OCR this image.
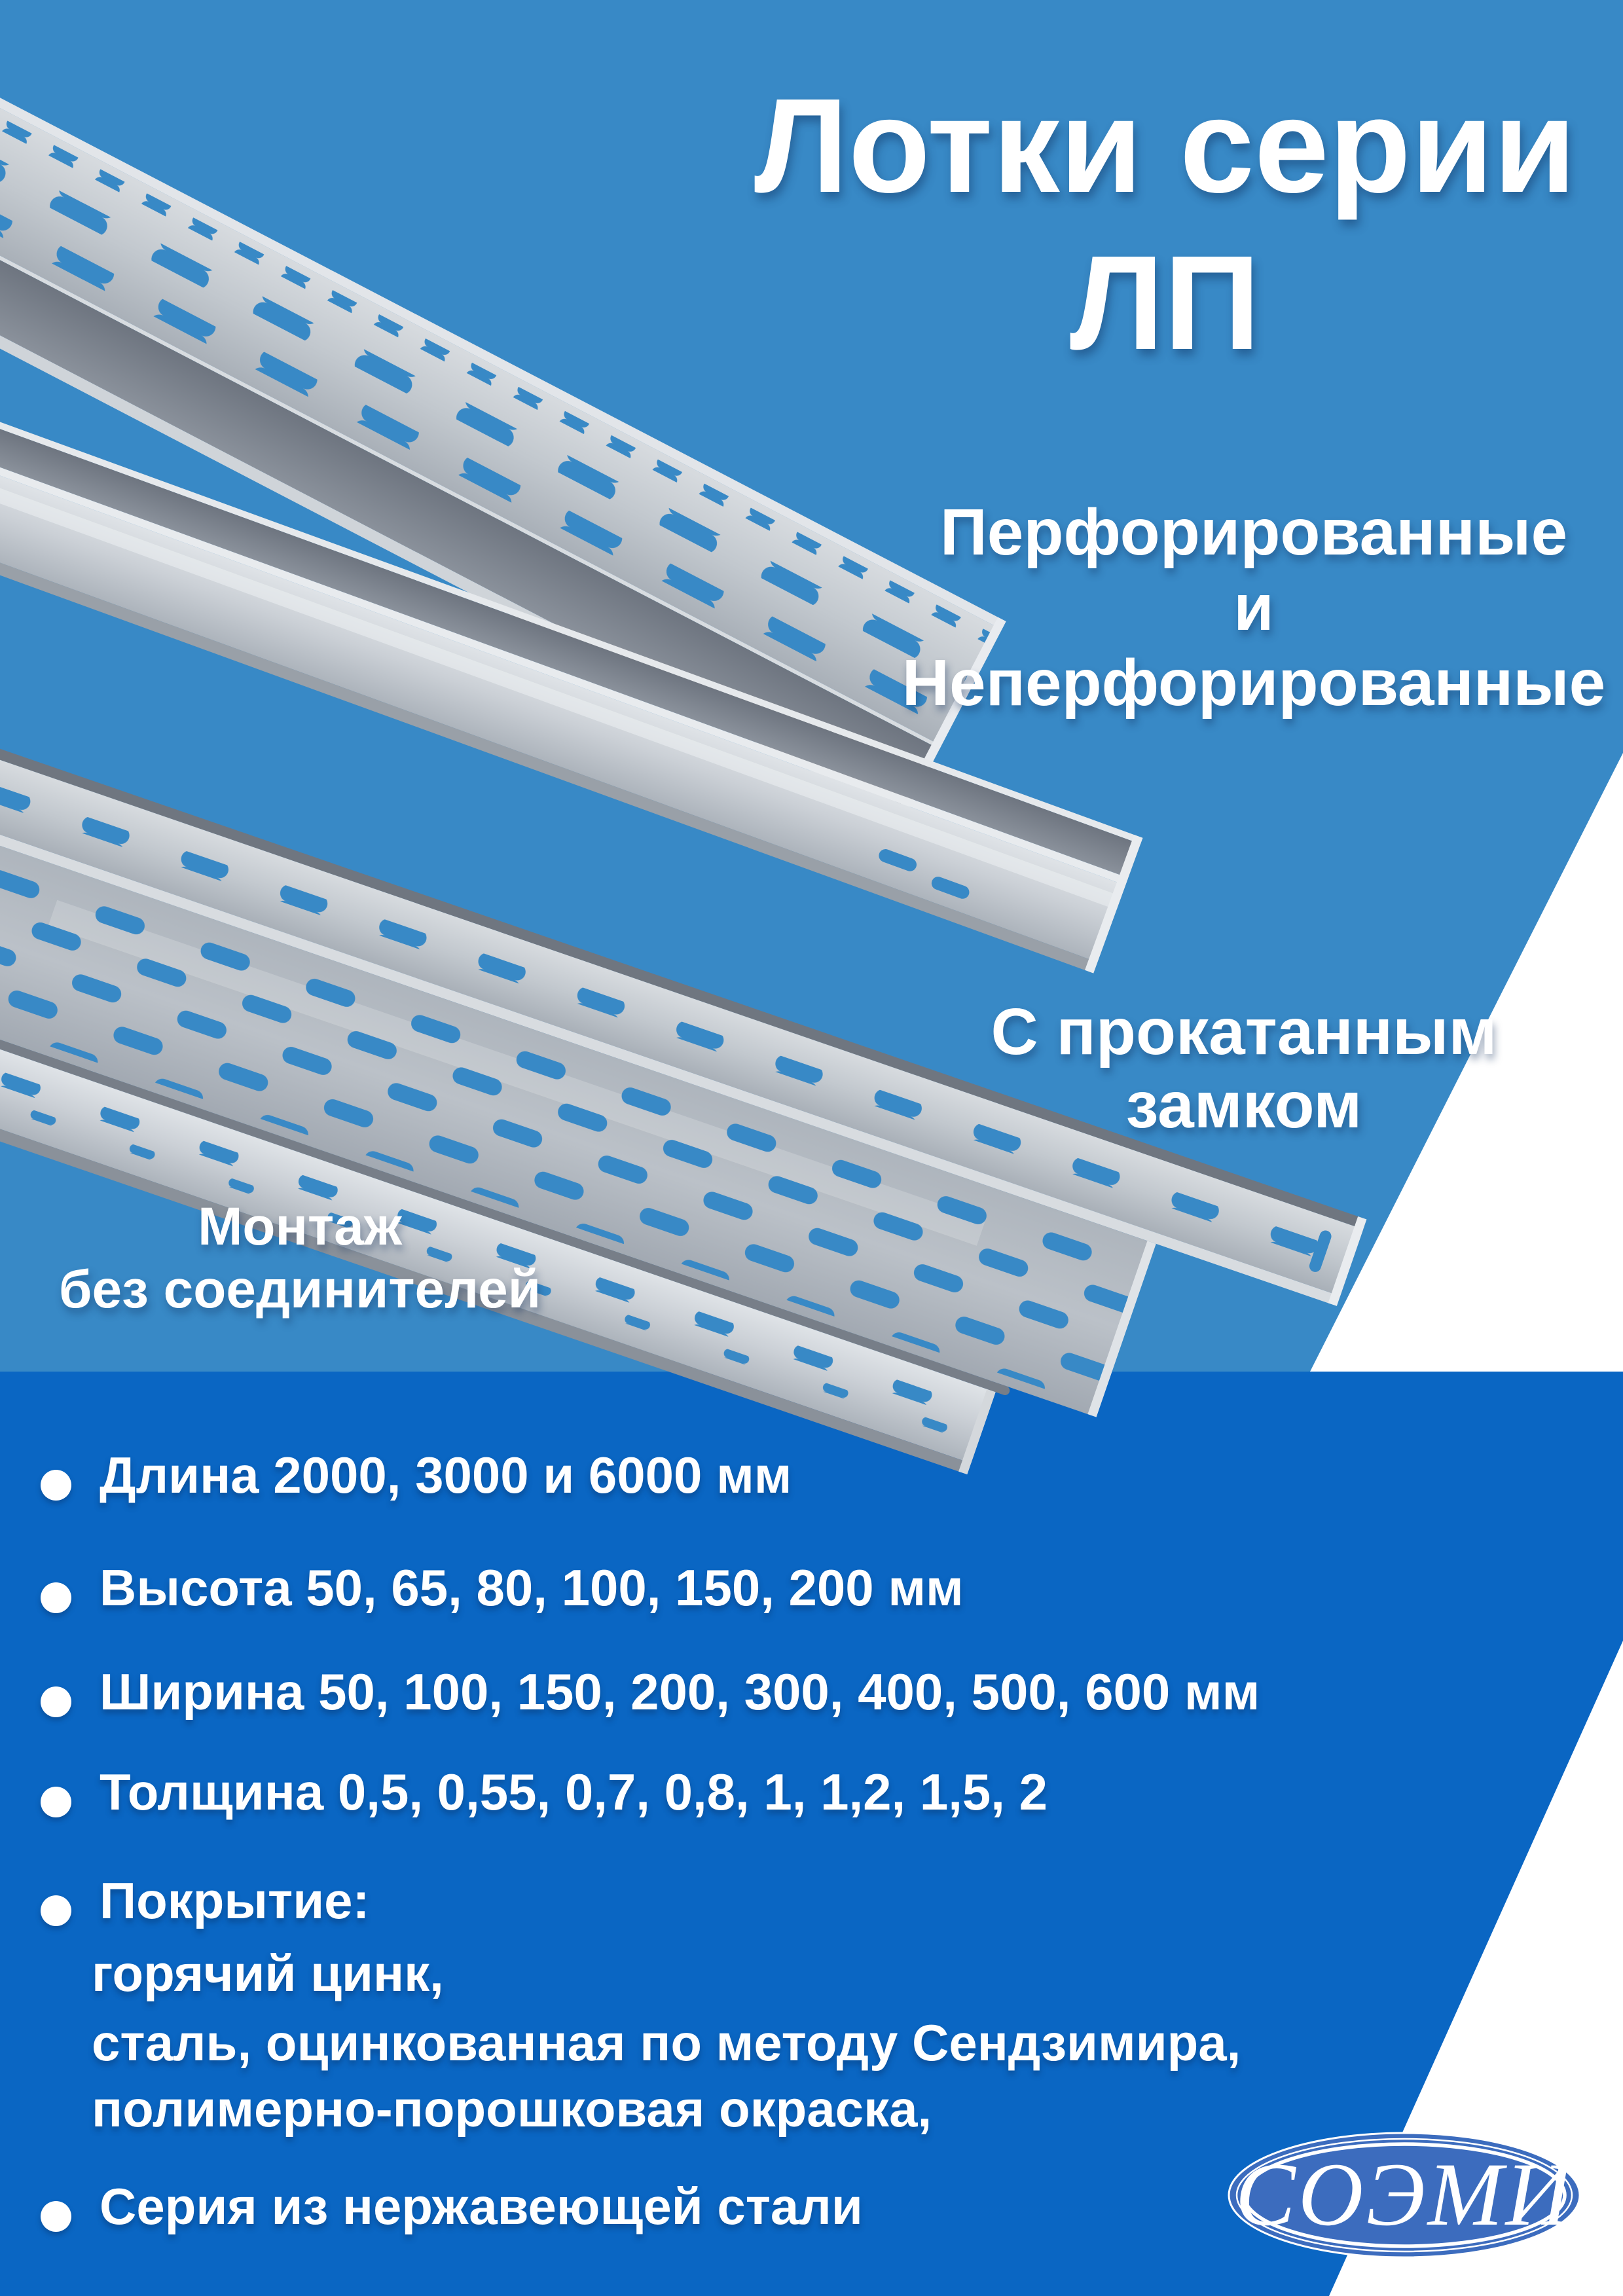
Лотки серии
ЛП
Перфорированные
и
Неперфорированные
С прокатанным
замком
Монтаж
без соединителей
Длина 2000, 3000 и 6000 мм
Высота 50, 65, 80, 100, 150, 200 мм
Ширина 50, 100, 150, 200, 300, 400, 500, 600 мм
Толщина 0,5, 0,55, 0,7, 0,8, 1, 1,2, 1,5, 2
Покрытие:
горячий цинк,
сталь, оцинкованная по методу Сендзимира,
полимерно-порошковая окраска,
Серия из нержавеющей стали	СОЭМИ
